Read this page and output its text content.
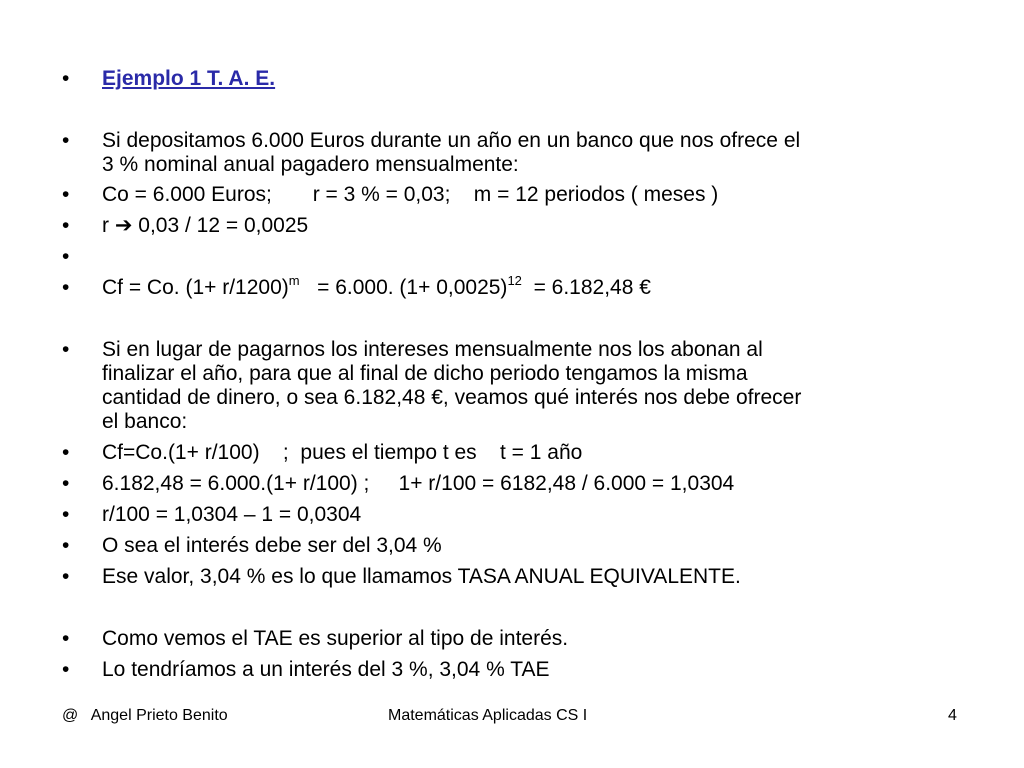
•	Ejemplo 1 T. A. E.
•	Si depositamos 6.000 Euros durante un año en un banco que nos ofrece el
3 % nominal anual pagadero mensualmente:
•	Co = 6.000 Euros;       r = 3 % = 0,03;    m = 12 periodos ( meses )
•	r ➔ 0,03 / 12 = 0,0025
•
•	Cf = Co. $(1+ r/1200)^m = 6.000$. $(1+ 0,0025)^{12} = 6.182,48$ €
•	Si en lugar de pagarnos los intereses mensualmente nos los abonan al
finalizar el año, para que al final de dicho periodo tengamos la misma
cantidad de dinero, o sea 6.182,48 €, veamos qué interés nos debe ofrecer
el banco:
•	Cf=Co.(1+ r/100)    ;  pues el tiempo t es    t = 1 año
•	6.182,48 = 6.000.(1+ r/100) ;     1+ r/100 = 6182,48 / 6.000 = 1,0304
•	r/100 = 1,0304 – 1 = 0,0304
•	O sea el interés debe ser del 3,04 %
•	Ese valor, 3,04 % es lo que llamamos TASA ANUAL EQUIVALENTE.
•	Como vemos el TAE es superior al tipo de interés.
•	Lo tendríamos a un interés del 3 %, 3,04 % TAE
@   Angel Prieto Benito	Matemáticas Aplicadas CS I	4
